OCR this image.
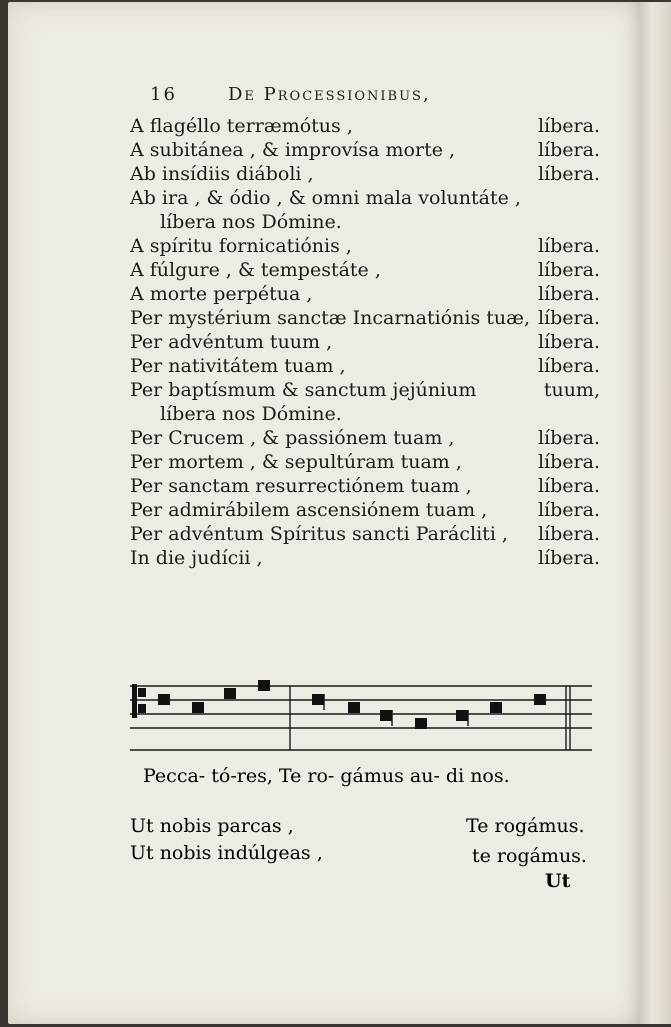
16	De Processionibus,
A flagéllo terræmótus ,	líbera.
A subitánea , & improvísa morte ,	líbera.
Ab insídiis diáboli ,	líbera.
Ab ira , & ódio , & omni mala voluntáte ,
líbera nos Dómine.
A spíritu fornicatiónis ,	líbera.
A fúlgure , & tempestáte ,	líbera.
A morte perpétua ,	líbera.
Per mystérium sanctæ Incarnatiónis tuæ, líbera.
Per advéntum tuum ,	líbera.
Per nativitátem tuam ,	líbera.
Per baptísmum & sanctum jejúnium	tuum,
líbera nos Dómine.
Per Crucem , & passiónem tuam ,	líbera.
Per mortem , & sepultúram tuam ,	líbera.
Per sanctam resurrectiónem tuam ,	líbera.
Per admirábilem ascensiónem tuam ,	líbera.
Per advéntum Spíritus sancti Parácliti , líbera.
In die judícii ,	líbera.
Pecca- tó-res, Te ro- gámus au- di nos.
Ut nobis parcas ,	Te rogámus.
Ut nobis indúlgeas ,	te rogámus.
Ut
